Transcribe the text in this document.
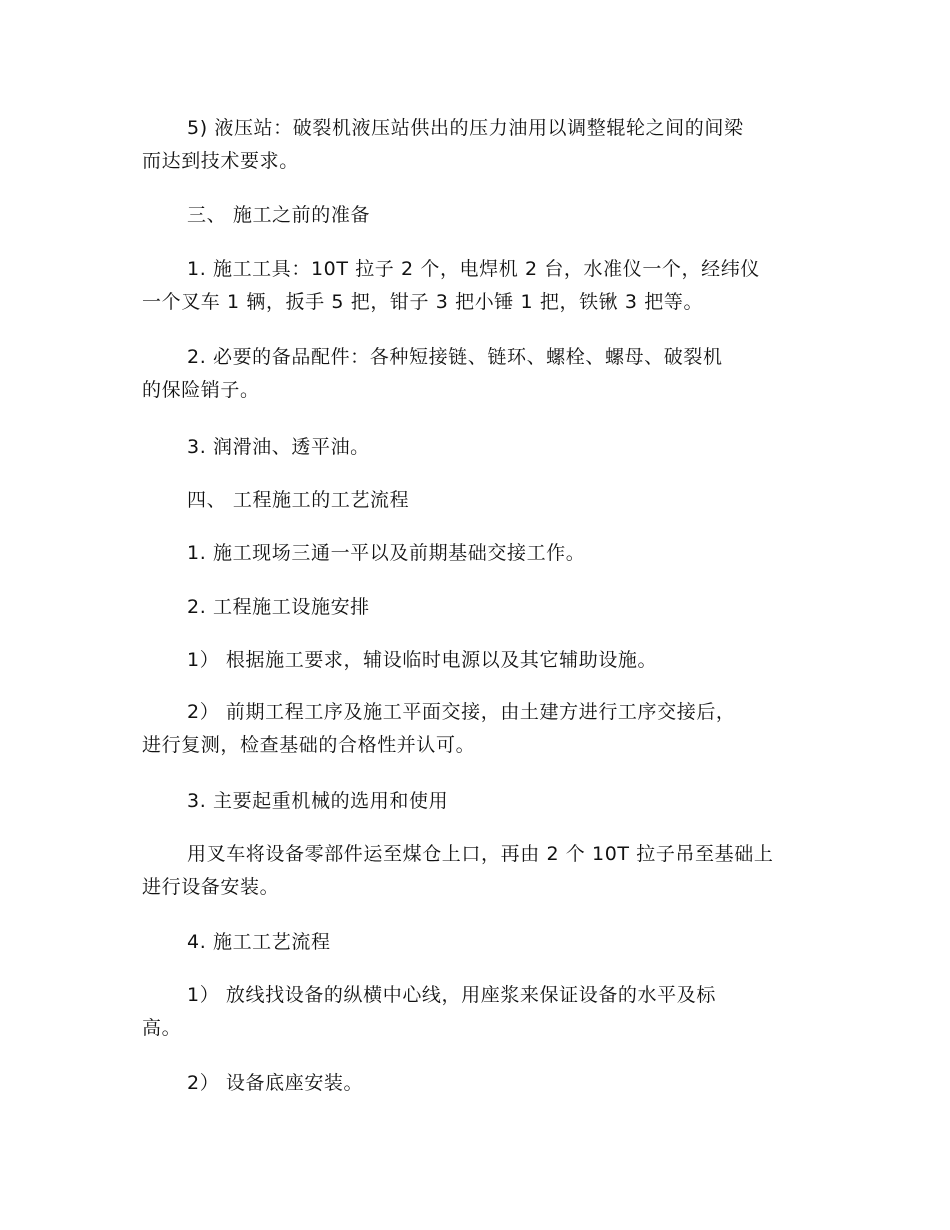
5) 液压站：破裂机液压站供出的压力油用以调整辊轮之间的间梁
而达到技术要求。
三、 施工之前的准备
1. 施工工具：10T 拉子 2 个，电焊机 2 台，水准仪一个，经纬仪
一个叉车 1 辆，扳手 5 把，钳子 3 把小锤 1 把，铁锹 3 把等。
2. 必要的备品配件：各种短接链、链环、螺栓、螺母、破裂机
的保险销子。
3. 润滑油、透平油。
四、 工程施工的工艺流程
1. 施工现场三通一平以及前期基础交接工作。
2. 工程施工设施安排
1） 根据施工要求，辅设临时电源以及其它辅助设施。
2） 前期工程工序及施工平面交接，由土建方进行工序交接后，
进行复测，检查基础的合格性并认可。
3. 主要起重机械的选用和使用
用叉车将设备零部件运至煤仓上口，再由 2 个 10T 拉子吊至基础上
进行设备安装。
4. 施工工艺流程
1） 放线找设备的纵横中心线，用座浆来保证设备的水平及标
高。
2） 设备底座安装。
